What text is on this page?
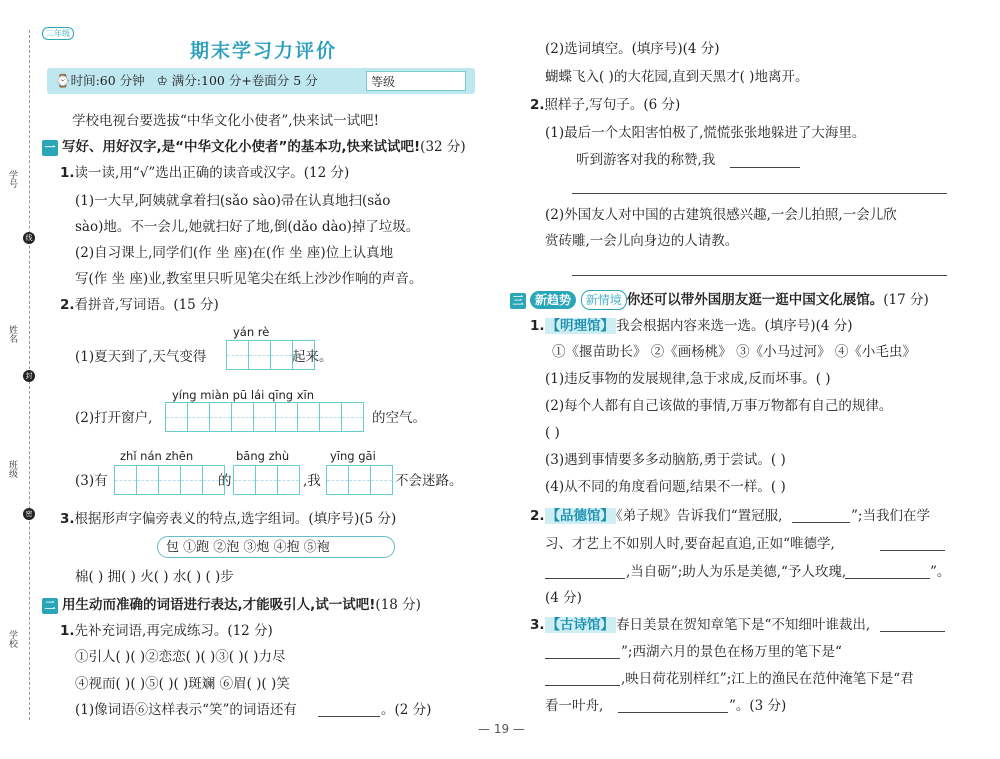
学号
姓名
班级
学校
线
封
密
二年级
期末学习力评价
⌚时间:60 分钟 ♔ 满分:100 分+卷面分 5 分	等级
学校电视台要选拔“中华文化小使者”,快来试一试吧!
一 写好、用好汉字,是“中华文化小使者”的基本功,快来试试吧!(32 分)
1.读一读,用“√”选出正确的读音或汉字。(12 分)
(1)一大早,阿姨就拿着扫(sǎo sào)帚在认真地扫(sǎo
sào)地。不一会儿,她就扫好了地,倒(dǎo dào)掉了垃圾。
(2)自习课上,同学们(作 坐 座)在(作 坐 座)位上认真地
写(作 坐 座)业,教室里只听见笔尖在纸上沙沙作响的声音。
2.看拼音,写词语。(15 分)
yán rè
(1)夏天到了,天气变得	起来。
yíng miàn pū lái qīng xīn
(2)打开窗户,	的空气。
zhǐ nán zhēn	bāng zhù	yīng gāi
(3)有	的	,我	不会迷路。
3.根据形声字偏旁表义的特点,选字组词。(填序号)(5 分)
包 ①跑 ②泡 ③炮 ④抱 ⑤袍
棉( ) 拥( ) 火( ) 水( ) ( )步
二 用生动而准确的词语进行表达,才能吸引人,试一试吧!(18 分)
1.先补充词语,再完成练习。(12 分)
①引人( )( )②恋恋( )( )③( )( )力尽
④视而( )( )⑤( )( )斑斓 ⑥眉( )( )笑
(1)像词语⑥这样表示“笑”的词语还有	。(2 分)
(2)选词填空。(填序号)(4 分)
蝴蝶飞入( )的大花园,直到天黑才( )地离开。
2.照样子,写句子。(6 分)
(1)最后一个太阳害怕极了,慌慌张张地躲进了大海里。
听到游客对我的称赞,我
(2)外国友人对中国的古建筑很感兴趣,一会儿拍照,一会儿欣
赏砖雕,一会儿向身边的人请教。
三 新趋势 新情境 你还可以带外国朋友逛一逛中国文化展馆。(17 分)
1. 【明理馆】 我会根据内容来选一选。(填序号)(4 分)
①《揠苗助长》 ②《画杨桃》 ③《小马过河》 ④《小毛虫》
(1)违反事物的发展规律,急于求成,反而坏事。( )
(2)每个人都有自己该做的事情,万事万物都有自己的规律。
( )
(3)遇到事情要多多动脑筋,勇于尝试。( )
(4)从不同的角度看问题,结果不一样。( )
2. 【品德馆】 《弟子规》告诉我们“置冠服,	”;当我们在学
习、才艺上不如别人时,要奋起直追,正如“唯德学,
,当自砺”;助人为乐是美德,“予人玫瑰,	”。
(4 分)
3. 【古诗馆】 春日美景在贺知章笔下是“不知细叶谁裁出,
”;西湖六月的景色在杨万里的笔下是“
,映日荷花别样红”;江上的渔民在范仲淹笔下是“君
看一叶舟,	”。(3 分)
— 19 —
